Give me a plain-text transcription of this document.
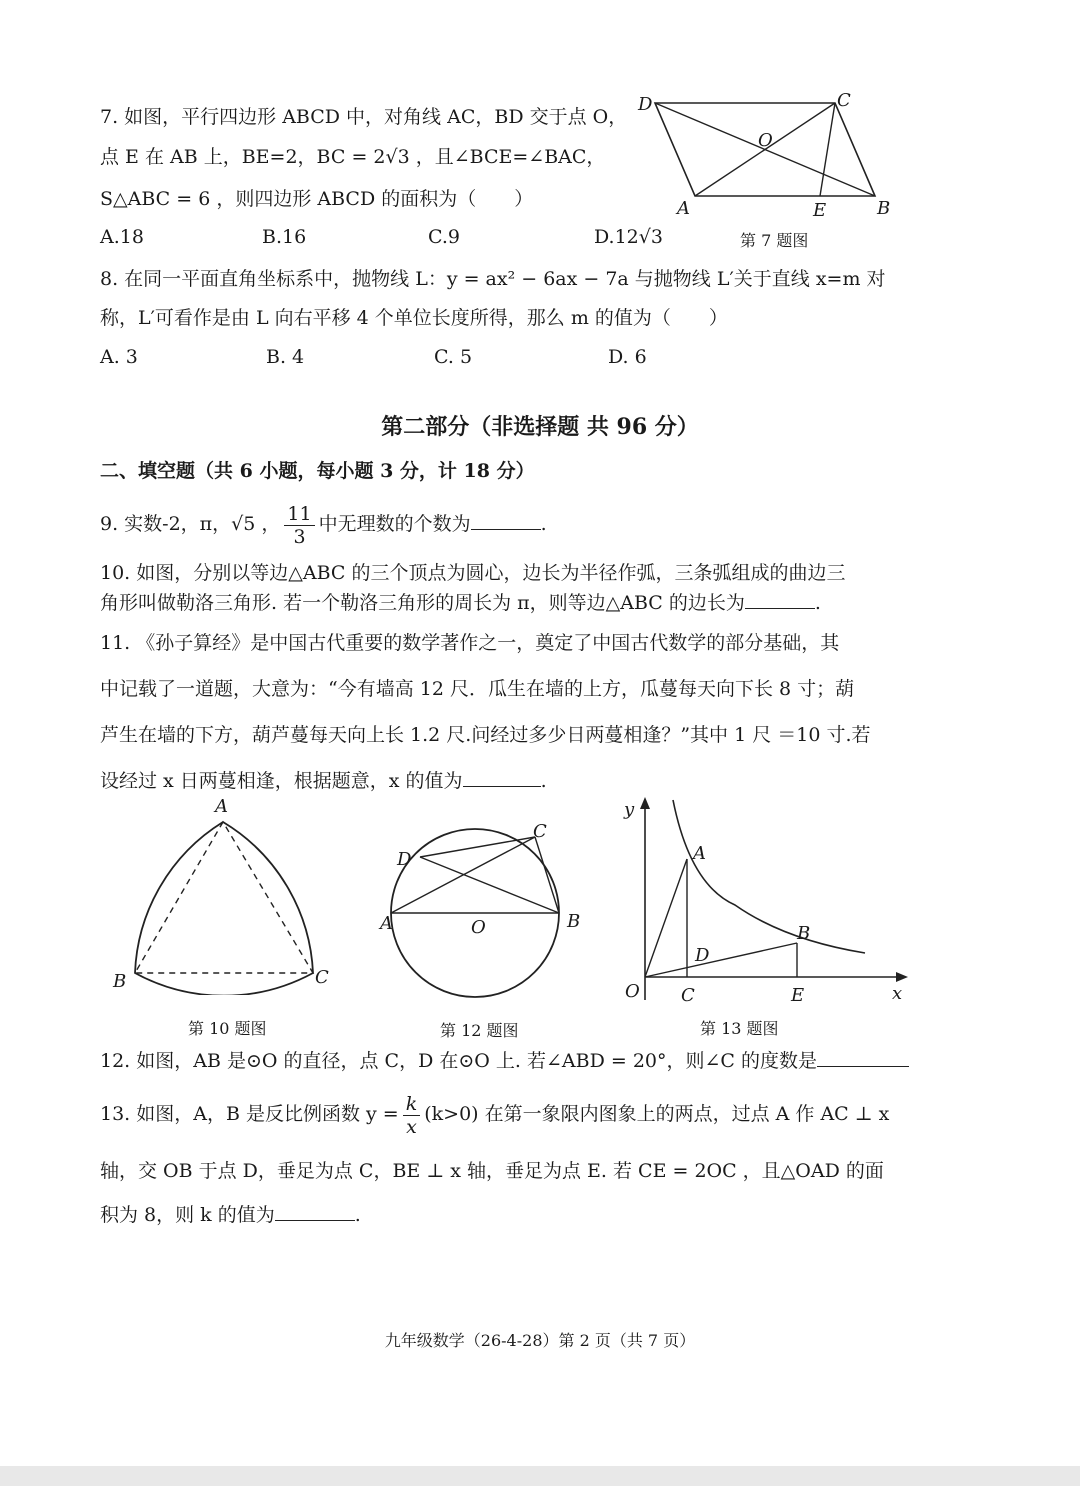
7. 如图，平行四边形 ABCD 中，对角线 AC，BD 交于点 O，
点 E 在 AB 上，BE=2，BC = 2√3 ，且∠BCE=∠BAC，
S△ABC = 6 ，则四边形 ABCD 的面积为（　　）
A.18	B.16	C.9	D.12√3	第 7 题图
D	C
O
A	E	B
8. 在同一平面直角坐标系中，抛物线 L：y = ax² − 6ax − 7a 与抛物线 L′关于直线 x=m 对
称，L′可看作是由 L 向右平移 4 个单位长度所得，那么 m 的值为（　　）
A. 3	B. 4	C. 5	D. 6
第二部分（非选择题 共 96 分）
二、填空题（共 6 小题，每小题 3 分，计 18 分）
9. 实数-2，π，√5 ， $\frac{11}{3}$ 中无理数的个数为	.
10. 如图，分别以等边△ABC 的三个顶点为圆心，边长为半径作弧，三条弧组成的曲边三
角形叫做勒洛三角形. 若一个勒洛三角形的周长为 π，则等边△ABC 的边长为	.
11. 《孙子算经》是中国古代重要的数学著作之一，奠定了中国古代数学的部分基础，其
中记载了一道题，大意为：“今有墙高 12 尺．瓜生在墙的上方，瓜蔓每天向下长 8 寸；葫
芦生在墙的下方，葫芦蔓每天向上长 1.2 尺.问经过多少日两蔓相逢？”其中 1 尺 ＝10 寸.若
设经过 x 日两蔓相逢，根据题意，x 的值为	.
A
B	C
第 10 题图
D
C
A	O	B
第 12 题图
y
A
B
D
O C	E	x
第 13 题图
12. 如图，AB 是⊙O 的直径，点 C，D 在⊙O 上. 若∠ABD = 20°，则∠C 的度数是
13. 如图，A，B 是反比例函数 $y = \frac{k}{x} (k>0)$ 在第一象限内图象上的两点，过点 A 作 AC ⊥ x
轴，交 OB 于点 D，垂足为点 C，BE ⊥ x 轴，垂足为点 E. 若 CE = 2OC ，且△OAD 的面
积为 8，则 k 的值为	.
九年级数学（26-4-28）第 2 页（共 7 页）
